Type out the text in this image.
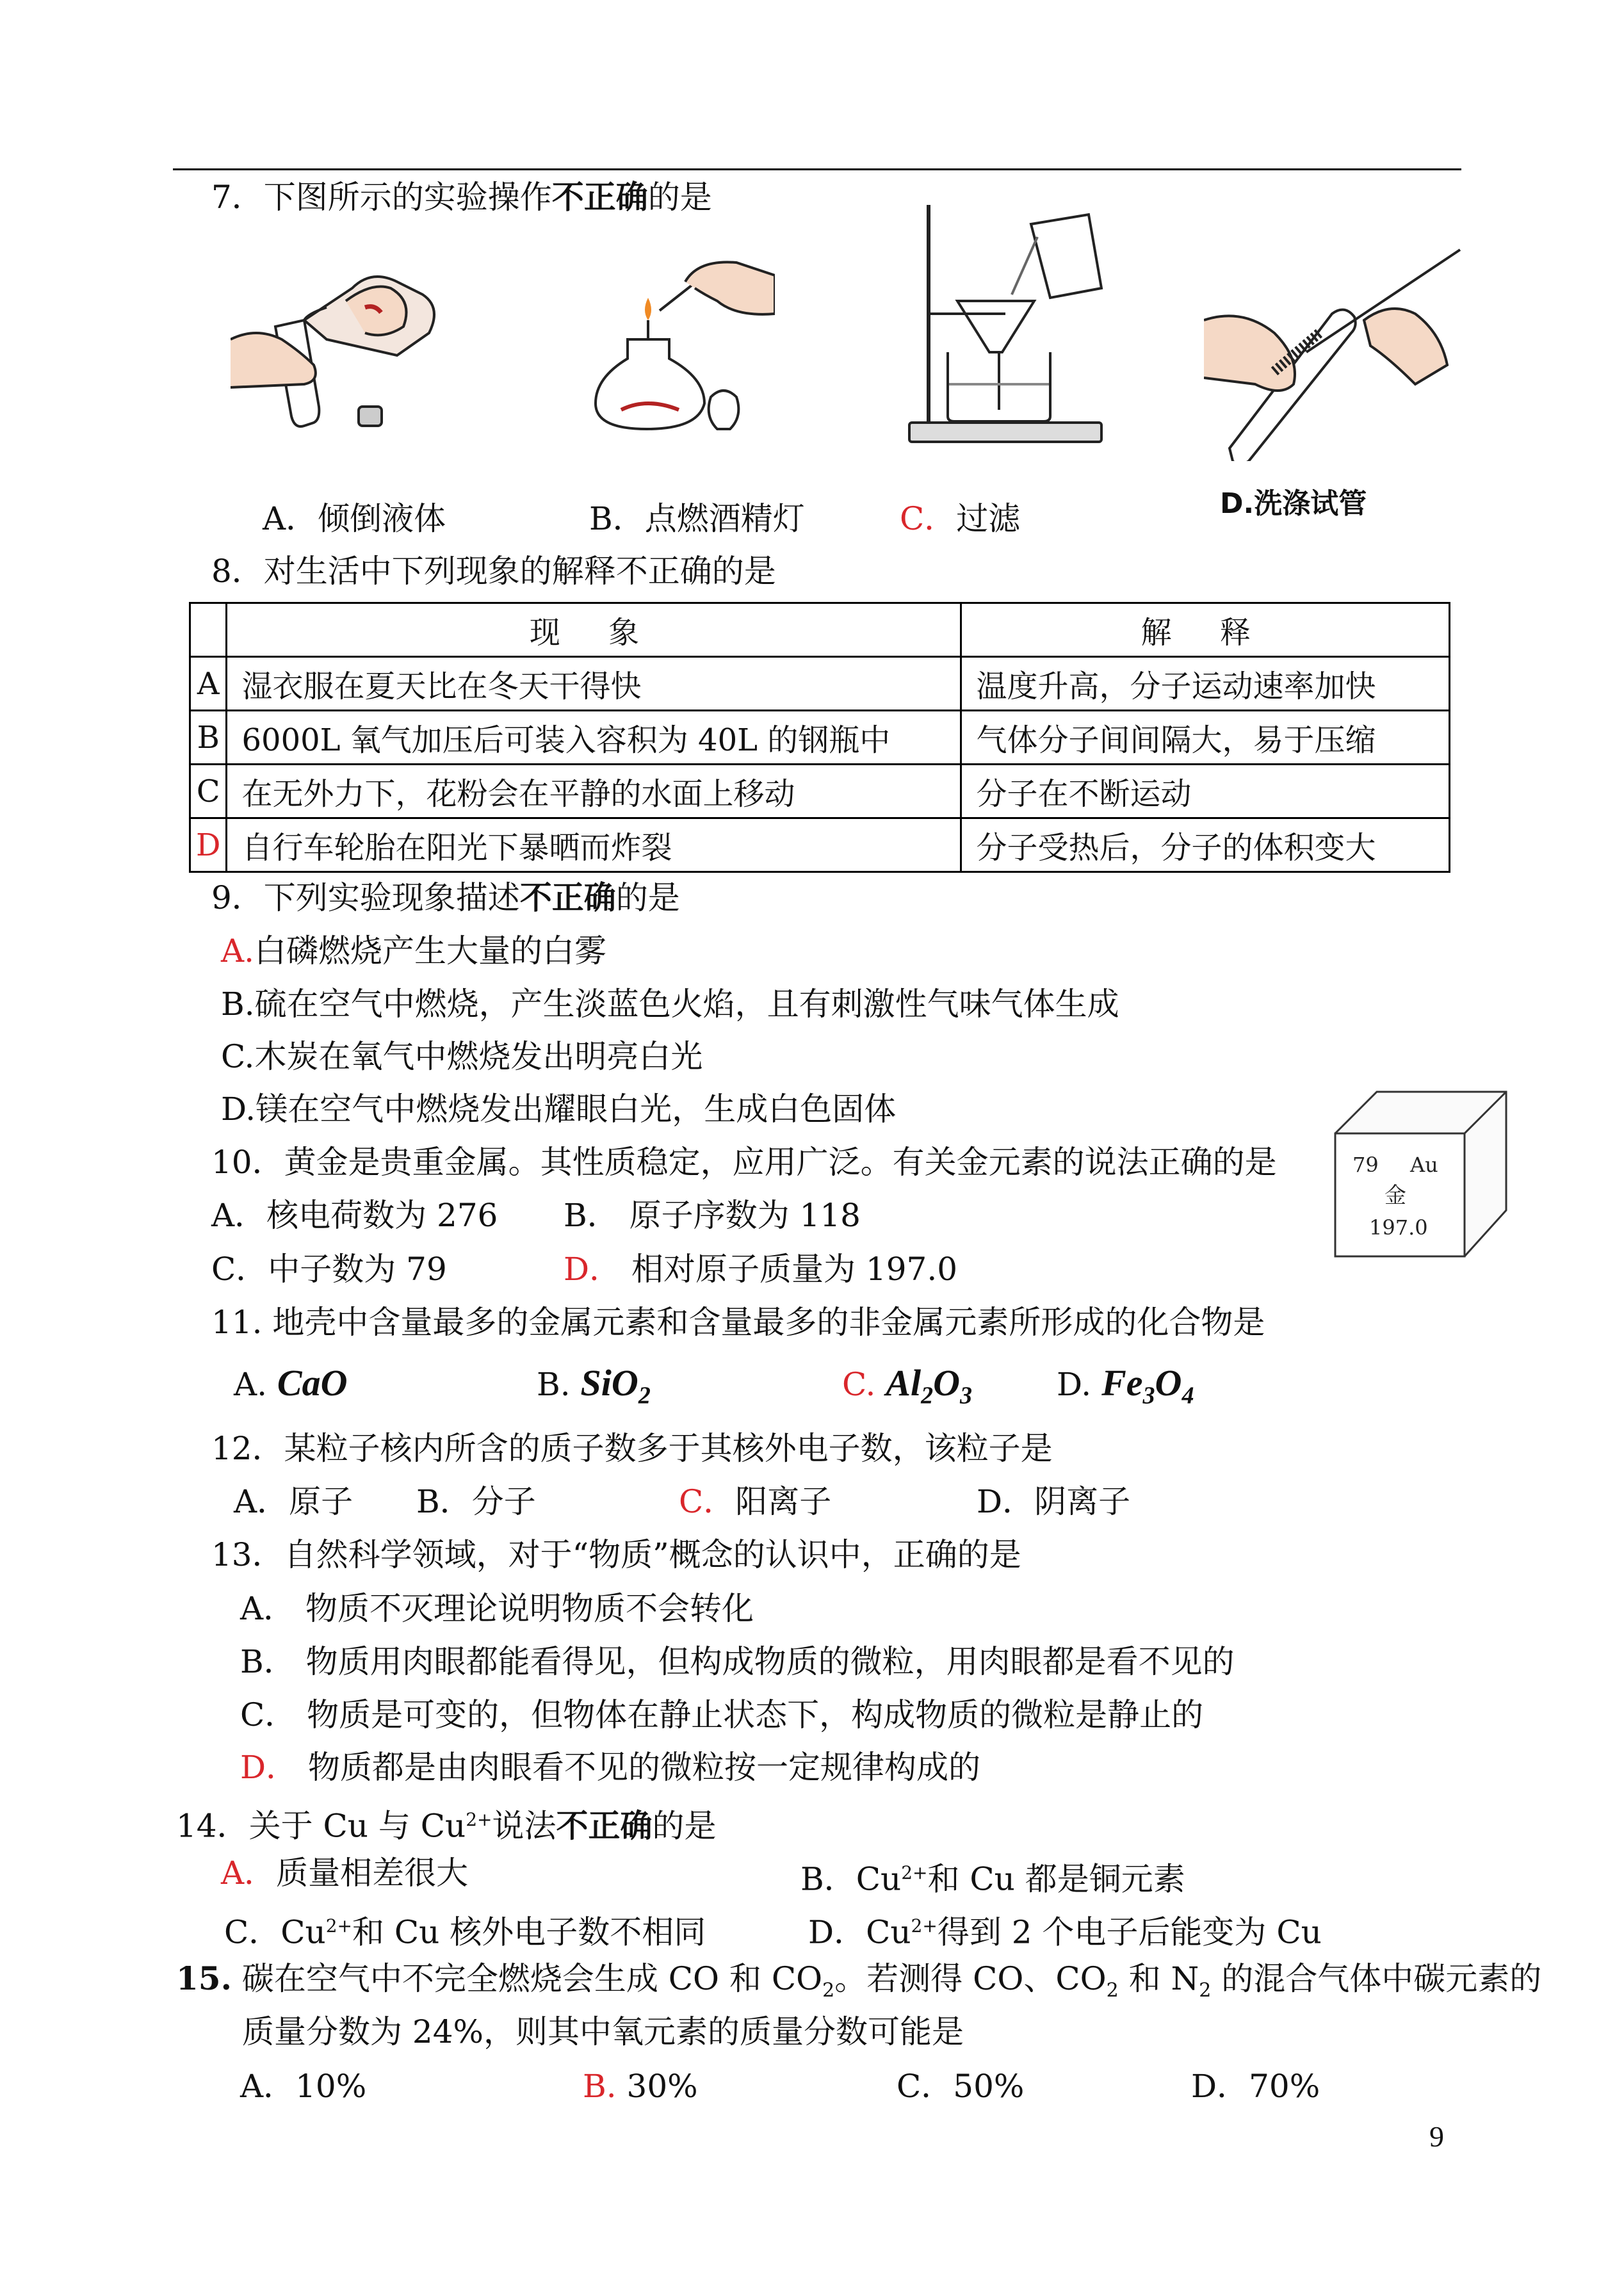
7．下图所示的实验操作不正确的是
A．倾倒液体	B．点燃酒精灯	C．过滤	D.洗涤试管
8．对生活中下列现象的解释不正确的是
	现 象	解 释
A	湿衣服在夏天比在冬天干得快	温度升高，分子运动速率加快
B	6000L 氧气加压后可装入容积为 40L 的钢瓶中	气体分子间间隔大，易于压缩
C	在无外力下，花粉会在平静的水面上移动	分子在不断运动
D	自行车轮胎在阳光下暴晒而炸裂	分子受热后，分子的体积变大
9．下列实验现象描述不正确的是
A.白磷燃烧产生大量的白雾
B.硫在空气中燃烧，产生淡蓝色火焰，且有刺激性气味气体生成
C.木炭在氧气中燃烧发出明亮白光
D.镁在空气中燃烧发出耀眼白光，生成白色固体
10．黄金是贵重金属。其性质稳定，应用广泛。有关金元素的说法正确的是
A．核电荷数为 276 B． 原子序数为 118
C．中子数为 79	D． 相对原子质量为 197.0
79 Au
金
197.0
11. 地壳中含量最多的金属元素和含量最多的非金属元素所形成的化合物是
A. CaO	B. SiO$_2$	C. $Al_2O_3$	D. $Fe_3O_4$
12．某粒子核内所含的质子数多于其核外电子数，该粒子是
A．原子 B．分子	C．阳离子	D．阴离子
13．自然科学领域，对于“物质”概念的认识中，正确的是
A． 物质不灭理论说明物质不会转化
B． 物质用肉眼都能看得见，但构成物质的微粒，用肉眼都是看不见的
C． 物质是可变的，但物体在静止状态下，构成物质的微粒是静止的
D． 物质都是由肉眼看不见的微粒按一定规律构成的
14．关于 Cu 与 $Cu^{2+}$说法不正确的是
A．质量相差很大	B．$Cu^{2+}$和 Cu 都是铜元素
C．$Cu^{2+}$和 Cu 核外电子数不相同	D．$Cu^{2+}$得到 2 个电子后能变为 Cu
15. 碳在空气中不完全燃烧会生成 CO 和 $CO_2$。若测得 CO、$CO_2$ 和 $N_2$ 的混合气体中碳元素的
质量分数为 24%，则其中氧元素的质量分数可能是
A．10%	B. 30%	C．50%	D．70%
9
